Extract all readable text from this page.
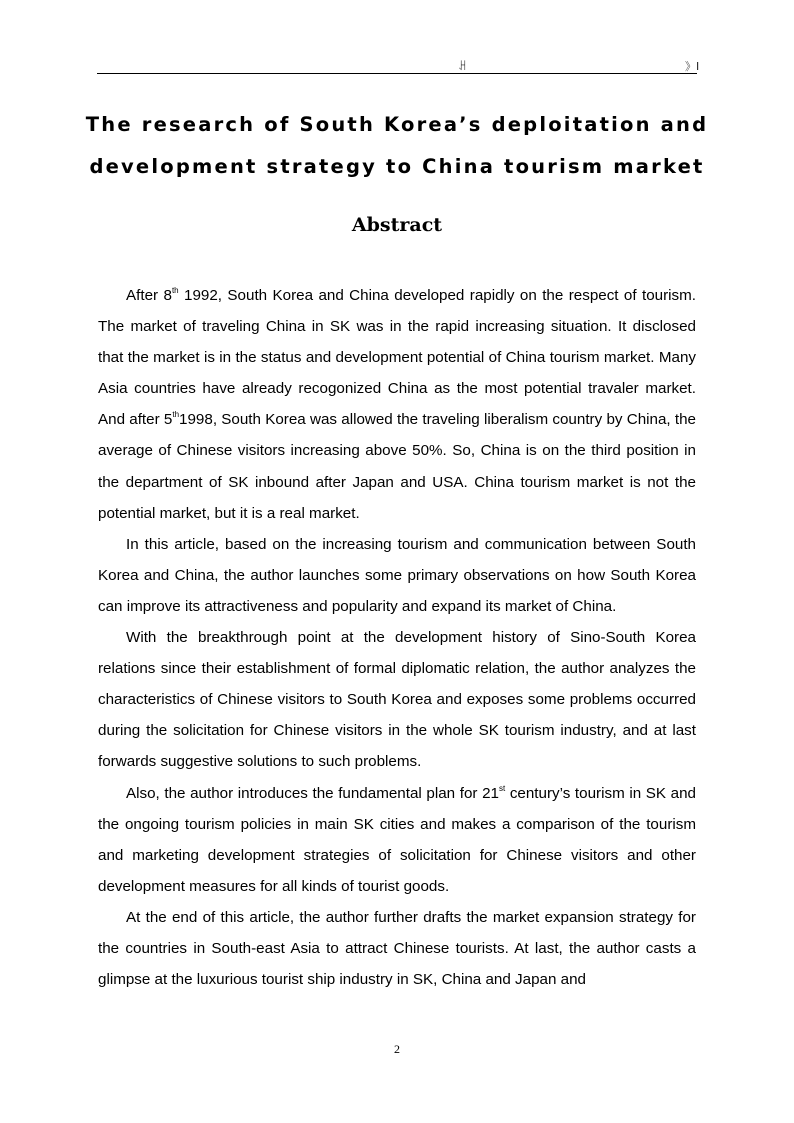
ꃅ	》Ⅰ
The research of South Korea’s deploitation and
development strategy to China tourism market
Abstract

After 8th 1992, South Korea and China developed rapidly on the respect of tourism. The market of traveling China in SK was in the rapid increasing situation. It disclosed that the market is in the status and development potential of China tourism market. Many Asia countries have already recogonized China as the most potential travaler market. And after 5th1998, South Korea was allowed the traveling liberalism country by China, the average of Chinese visitors increasing above 50%. So, China is on the third position in the department of SK inbound after Japan and USA. China tourism market is not the potential market, but it is a real market.

In this article, based on the increasing tourism and communication between South Korea and China, the author launches some primary observations on how South Korea can improve its attractiveness and popularity and expand its market of China.

With the breakthrough point at the development history of Sino-South Korea relations since their establishment of formal diplomatic relation, the author analyzes the characteristics of Chinese visitors to South Korea and exposes some problems occurred during the solicitation for Chinese visitors in the whole SK tourism industry, and at last forwards suggestive solutions to such problems.

Also, the author introduces the fundamental plan for 21st century’s tourism in SK and the ongoing tourism policies in main SK cities and makes a comparison of the tourism and marketing development strategies of solicitation for Chinese visitors and other development measures for all kinds of tourist goods.

At the end of this article, the author further drafts the market expansion strategy for the countries in South-east Asia to attract Chinese tourists. At last, the author casts a glimpse at the luxurious tourist ship industry in SK, China and Japan and

2
